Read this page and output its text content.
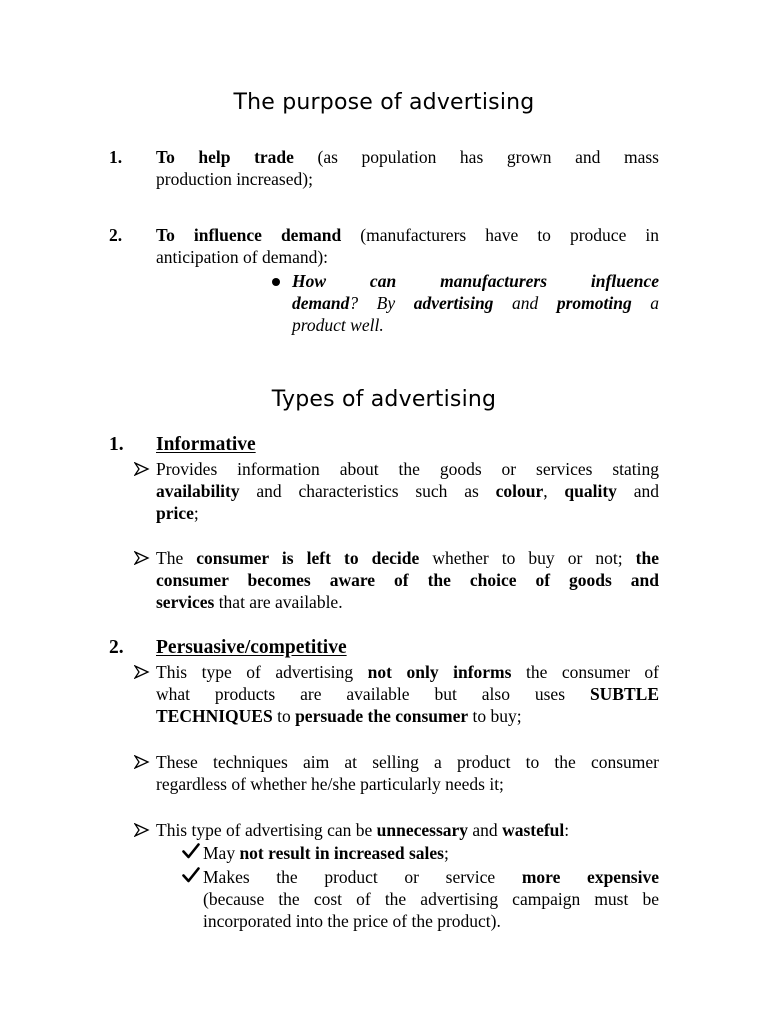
The purpose of advertising
1. To help trade (as population has grown and mass
production increased);
2. To influence demand (manufacturers have to produce in
anticipation of demand):
How can manufacturers influence
demand? By advertising and promoting a
product well.
Types of advertising
1. Informative
Provides information about the goods or services stating
availability and characteristics such as colour, quality and
price;
The consumer is left to decide whether to buy or not; the
consumer becomes aware of the choice of goods and
services that are available.
2. Persuasive/competitive
This type of advertising not only informs the consumer of
what products are available but also uses SUBTLE
TECHNIQUES to persuade the consumer to buy;
These techniques aim at selling a product to the consumer
regardless of whether he/she particularly needs it;
This type of advertising can be unnecessary and wasteful:
May not result in increased sales;
Makes the product or service more expensive
(because the cost of the advertising campaign must be
incorporated into the price of the product).
